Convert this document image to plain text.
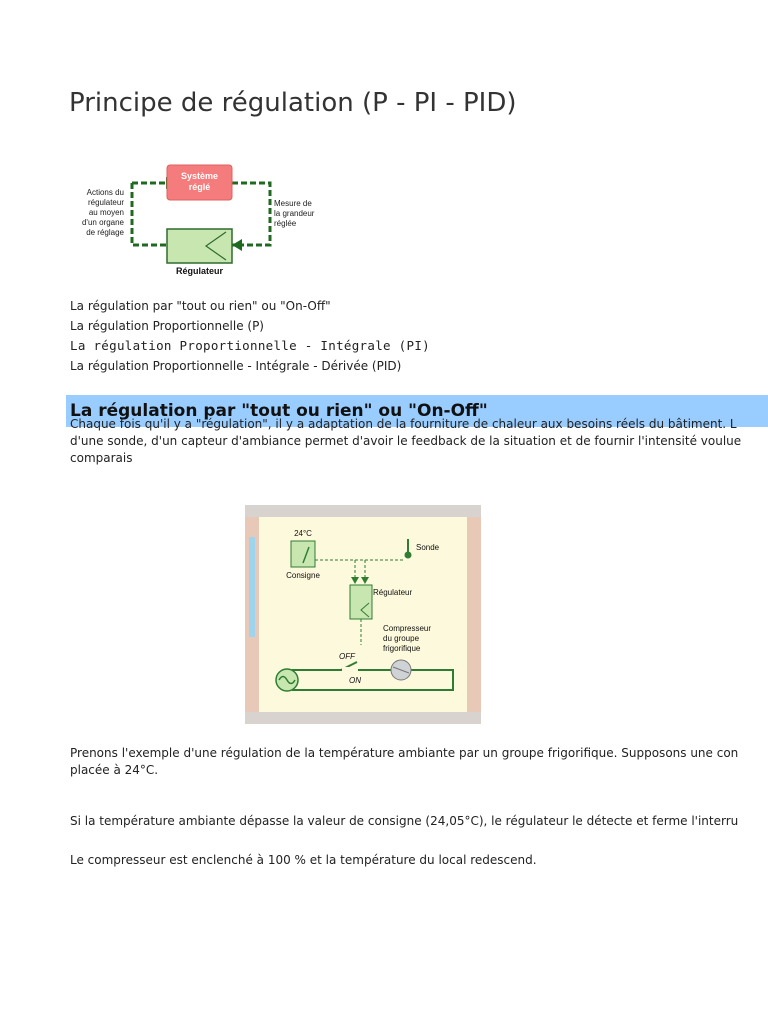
Principe de régulation (P - PI - PID)
Système
réglé
Régulateur
Actions du
régulateur
au moyen
d'un organe
de réglage
Mesure de
la grandeur
réglée
La régulation par "tout ou rien" ou "On-Off"
La régulation Proportionnelle (P)
La régulation Proportionnelle - Intégrale (PI)
La régulation Proportionnelle - Intégrale - Dérivée (PID)
La régulation par "tout ou rien" ou "On-Off"
Chaque fois qu'il y a "régulation", il y a adaptation de la fourniture de chaleur aux besoins réels du bâtiment. L
d'une sonde, d'un capteur d'ambiance permet d'avoir le feedback de la situation et de fournir l'intensité voulue
comparais
24°C
Consigne
Sonde
Régulateur
Compresseur
du groupe
frigorifique
OFF
ON
Prenons l'exemple d'une régulation de la température ambiante par un groupe frigorifique. Supposons une con
placée à 24°C.
Si la température ambiante dépasse la valeur de consigne (24,05°C), le régulateur le détecte et ferme l'interru
Le compresseur est enclenché à 100 % et la température du local redescend.
